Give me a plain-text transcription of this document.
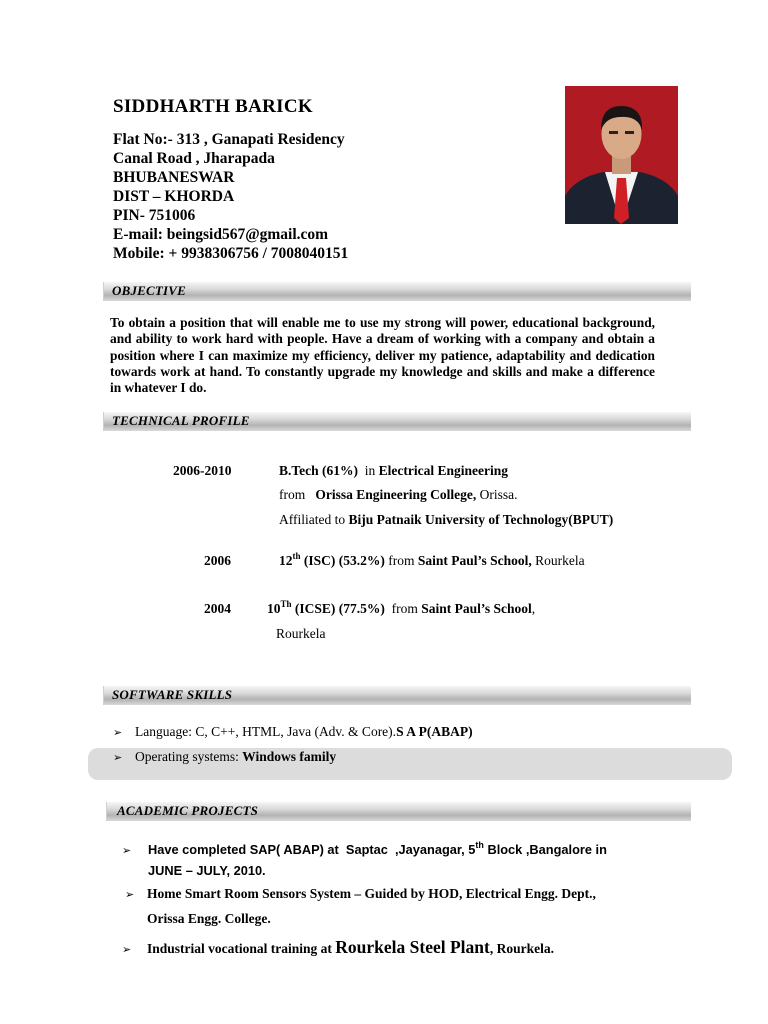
SIDDHARTH BARICK
Flat No:- 313 , Ganapati Residency
Canal Road , Jharapada
BHUBANESWAR
DIST – KHORDA
PIN- 751006
E-mail: beingsid567@gmail.com
Mobile: + 9938306756 / 7008040151
OBJECTIVE
To obtain a position that will enable me to use my strong will power, educational background, and ability to work hard with people. Have a dream of working with a company and obtain a position where I can maximize my efficiency, deliver my patience, adaptability and dedication towards work at hand. To constantly upgrade my knowledge and skills and make a difference in whatever I do.
TECHNICAL PROFILE
2006-2010	B.Tech (61%)  in Electrical Engineering
from   Orissa Engineering College, Orissa.
Affiliated to Biju Patnaik University of Technology(BPUT)
2006	12th (ISC) (53.2%) from Saint Paul’s School, Rourkela
2004	10Th (ICSE) (77.5%)  from Saint Paul’s School,
Rourkela
SOFTWARE SKILLS
➢ Language: C, C++, HTML, Java (Adv. & Core).S A P(ABAP)
➢ Operating systems: Windows family
ACADEMIC PROJECTS
➢ Have completed SAP( ABAP) at  Saptac  ,Jayanagar, 5th Block ,Bangalore in
JUNE – JULY, 2010.
➢ Home Smart Room Sensors System – Guided by HOD, Electrical Engg. Dept.,
Orissa Engg. College.
➢ Industrial vocational training at Rourkela Steel Plant, Rourkela.
